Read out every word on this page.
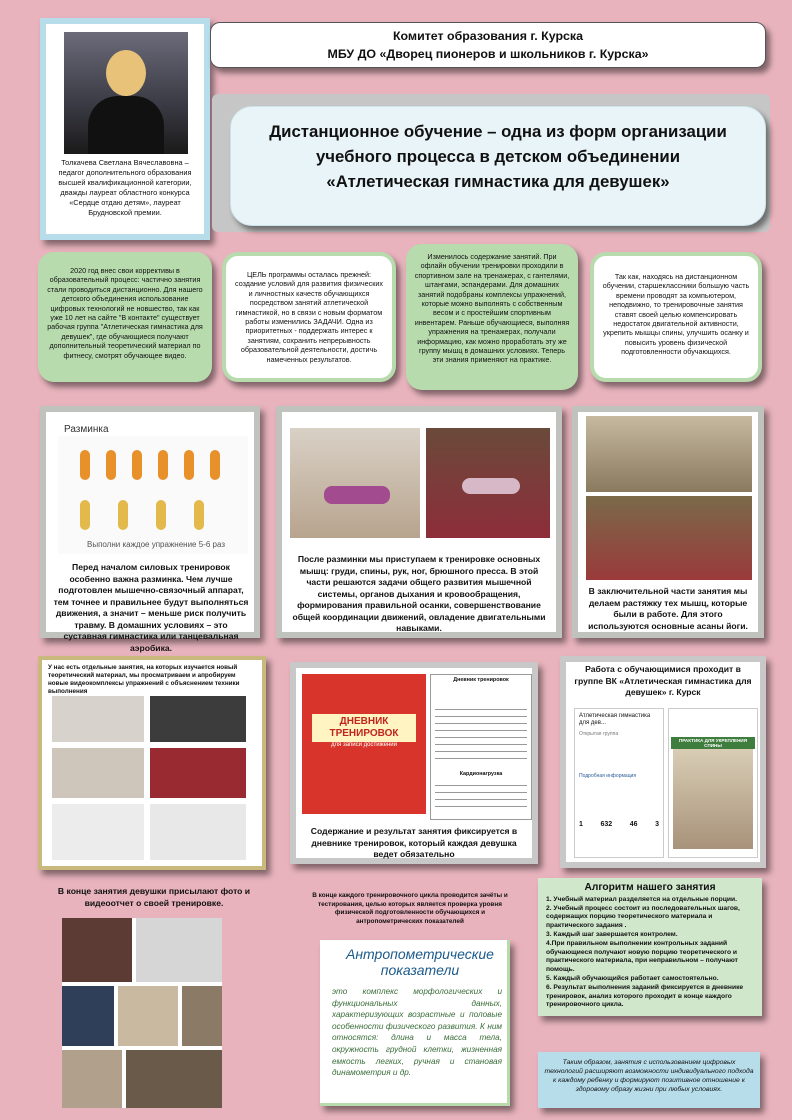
Толкачева Светлана Вячеславовна –
педагог дополнительного образования высшей квалификационной категории, дважды лауреат областного конкурса «Сердце отдаю детям», лауреат Брудновской премии.
Комитет образования г. Курска
МБУ ДО «Дворец пионеров и школьников г. Курска»
Дистанционное обучение – одна из форм организации
учебного процесса в детском объединении
«Атлетическая гимнастика для девушек»
2020 год внес свои коррективы в образовательный процесс: частично занятия стали проводиться дистанционно. Для нашего детского объединения использование цифровых технологий не новшество, так как уже 10 лет на сайте "В контакте" существует рабочая группа "Атлетическая гимнастика для девушек", где обучающиеся получают дополнительный теоретический материал по фитнесу, смотрят обучающее видео.
ЦЕЛЬ программы осталась прежней: создание условий для развития физических и личностных качеств обучающихся посредством занятий атлетической гимнастикой, но в связи с новым форматом работы изменились ЗАДАЧИ. Одна из приоритетных - поддержать интерес к занятиям, сохранить непрерывность образовательной деятельности, достичь намеченных результатов.
Изменилось содержание занятий. При офлайн обучении тренировки проходили в спортивном зале на тренажерах, с гантелями, штангами, эспандерами. Для домашних занятий подобраны комплексы упражнений, которые можно выполнять с собственным весом и с простейшим спортивным инвентарем. Раньше обучающиеся, выполняя упражнения на тренажерах, получали информацию, как можно проработать эту же группу мышц в домашних условиях. Теперь эти знания применяют на практике.
Так как, находясь на дистанционном обучении, старшеклассники большую часть времени проводят за компьютером, неподвижно, то тренировочные занятия ставят своей целью компенсировать недостаток двигательной активности, укрепить мышцы спины, улучшить осанку и повысить уровень физической подготовленности обучающихся.
Разминка
Выполни каждое упражнение 5-6 раз
Перед началом силовых тренировок особенно важна разминка. Чем лучше подготовлен мышечно-связочный аппарат, тем точнее и правильнее будут выполняться движения, а значит – меньше риск получить травму. В домашних условиях – это суставная гимнастика или танцевальная аэробика.
После разминки мы приступаем к тренировке основных мышц: груди, спины, рук, ног, брюшного пресса. В этой части решаются задачи общего развития мышечной системы, органов дыхания и кровообращения, формирования правильной осанки, совершенствование общей координации движений, овладение двигательными навыками.
В заключительной части занятия мы делаем растяжку тех мышц, которые были в работе. Для этого используются основные асаны йоги.
У нас есть отдельные занятия, на которых изучается новый теоретический материал, мы просматриваем и апробируем новые видеокомплексы упражнений с объяснением техники выполнения
ДНЕВНИК ТРЕНИРОВОК
для записи достижений
Дневник тренировок
Кардионагрузка
Содержание и результат занятия фиксируется в дневнике тренировок, который каждая девушка ведет обязательно
Работа с обучающимися проходит в группе ВК «Атлетическая гимнастика для девушек» г. Курск
Атлетическая гимнастика для дев...
Открытая группа
Подробная информация
1	632	46	3
ПРАКТИКА ДЛЯ УКРЕПЛЕНИЯ СПИНЫ
В конце занятия девушки присылают фото и видеоотчет о своей тренировке.
В конце каждого тренировочного цикла проводится зачёты и тестирования, целью которых является проверка уровня физической подготовленности обучающихся и антропометрических показателей
Антропометрические показатели
это комплекс морфологических и функциональных данных, характеризующих возрастные и половые особенности физического развития. К ним относятся: длина и масса тела, окружность грудной клетки, жизненная емкость легких, ручная и становая динамометрия и др.
Алгоритм нашего занятия
1. Учебный материал разделяется на отдельные порции.
2. Учебный процесс состоит из последовательных шагов, содержащих порцию теоретического материала и практического задания .
3. Каждый шаг завершается контролем.
4.При правильном выполнении контрольных заданий обучающиеся получают новую порцию теоретического и практического материала, при неправильном – получают помощь.
5. Каждый обучающийся работает самостоятельно.
6. Результат выполнения заданий фиксируется в дневнике тренировок, анализ которого проходит в конце каждого тренировочного цикла.
Таким образом, занятия с использованием цифровых технологий расширяют возможности индивидуального подхода к каждому ребенку и формируют позитивное отношение к здоровому образу жизни при любых условиях.
